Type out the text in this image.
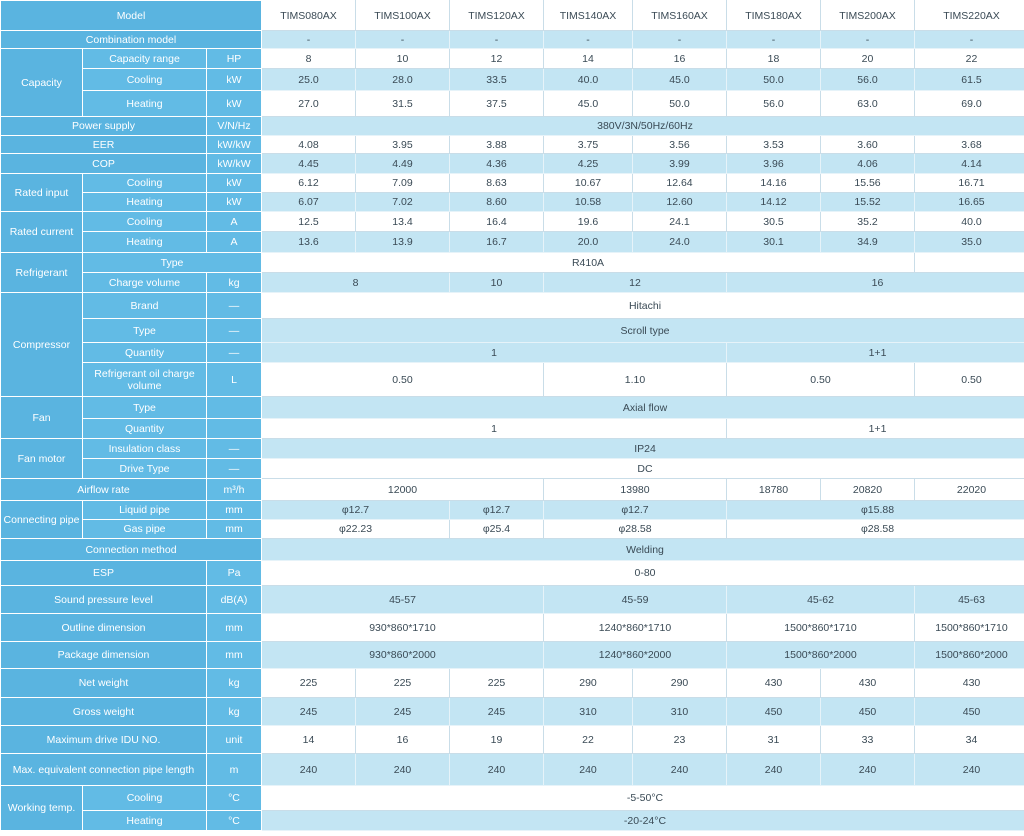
Model			TIMS080AX	TIMS100AX	TIMS120AX	TIMS140AX	TIMS160AX	TIMS180AX	TIMS200AX	TIMS220AX
Combination model			-	-	-	-	-	-	-	-
Capacity	Capacity range	HP	8	10	12	14	16	18	20	22
	Cooling	kW	25.0	28.0	33.5	40.0	45.0	50.0	56.0	61.5
	Heating	kW	27.0	31.5	37.5	45.0	50.0	56.0	63.0	69.0
Power supply		V/N/Hz	380V/3N/50Hz/60Hz							
EER		kW/kW	4.08	3.95	3.88	3.75	3.56	3.53	3.60	3.68
COP		kW/kW	4.45	4.49	4.36	4.25	3.99	3.96	4.06	4.14
Rated input	Cooling	kW	6.12	7.09	8.63	10.67	12.64	14.16	15.56	16.71
	Heating	kW	6.07	7.02	8.60	10.58	12.60	14.12	15.52	16.65
Rated current	Cooling	A	12.5	13.4	16.4	19.6	24.1	30.5	35.2	40.0
	Heating	A	13.6	13.9	16.7	20.0	24.0	30.1	34.9	35.0
Refrigerant	Type		R410A							
	Charge volume	kg	8		10	12		16		
Compressor	Brand	—	Hitachi							
	Type	—	Scroll type							
	Quantity	—	1					1+1		
	Refrigerant oil charge volume	L	0.50			1.10		0.50		0.50
Fan	Type		Axial flow							
	Quantity		1					1+1		
Fan motor	Insulation class	—	IP24							
	Drive Type	—	DC							
Airflow rate		m³/h	12000			13980		18780	20820	22020
Connecting pipe	Liquid pipe	mm	φ12.7		φ12.7	φ12.7		φ15.88		
	Gas pipe	mm	φ22.23		φ25.4	φ28.58		φ28.58		
Connection method			Welding							
ESP		Pa	0-80							
Sound pressure level		dB(A)	45-57			45-59		45-62		45-63
Outline dimension		mm	930*860*1710			1240*860*1710		1500*860*1710		1500*860*1710
Package dimension		mm	930*860*2000			1240*860*2000		1500*860*2000		1500*860*2000
Net weight		kg	225	225	225	290	290	430	430	430
Gross weight		kg	245	245	245	310	310	450	450	450
Maximum drive IDU NO.		unit	14	16	19	22	23	31	33	34
Max. equivalent connection pipe length		m	240	240	240	240	240	240	240	240
Working temp.	Cooling	°C	-5-50°C							
	Heating	°C	-20-24°C							
